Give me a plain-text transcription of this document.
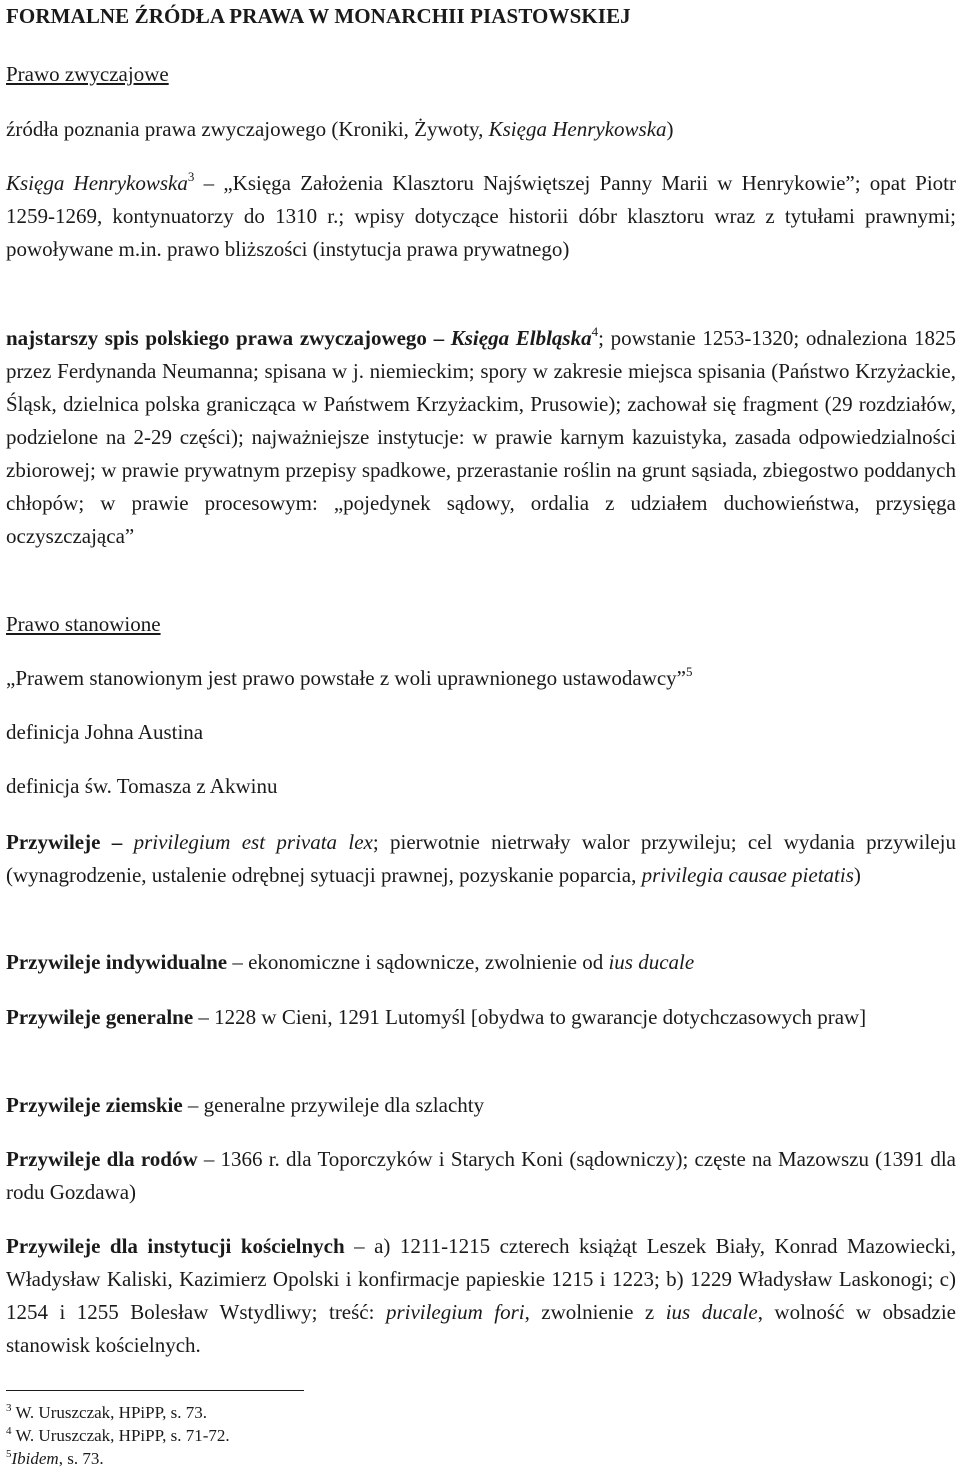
FORMALNE ŹRÓDŁA PRAWA W MONARCHII PIASTOWSKIEJ
Prawo zwyczajowe
źródła poznania prawa zwyczajowego (Kroniki, Żywoty, Księga Henrykowska)
Księga Henrykowska$^3$ – „Księga Założenia Klasztoru Najświętszej Panny Marii w Henrykowie”; opat Piotr 1259-1269, kontynuatorzy do 1310 r.; wpisy dotyczące historii dóbr klasztoru wraz z tytułami prawnymi; powoływane m.in. prawo bliższości (instytucja prawa prywatnego)
najstarszy spis polskiego prawa zwyczajowego – Księga Elbląska$^4$; powstanie 1253-1320; odnaleziona 1825 przez Ferdynanda Neumanna; spisana w j. niemieckim; spory w zakresie miejsca spisania (Państwo Krzyżackie, Śląsk, dzielnica polska granicząca w Państwem Krzyżackim, Prusowie); zachował się fragment (29 rozdziałów, podzielone na 2-29 części); najważniejsze instytucje: w prawie karnym kazuistyka, zasada odpowiedzialności zbiorowej; w prawie prywatnym przepisy spadkowe, przerastanie roślin na grunt sąsiada, zbiegostwo poddanych chłopów; w prawie procesowym: „pojedynek sądowy, ordalia z udziałem duchowieństwa, przysięga oczyszczająca”
Prawo stanowione
„Prawem stanowionym jest prawo powstałe z woli uprawnionego ustawodawcy”$^5$
definicja Johna Austina
definicja św. Tomasza z Akwinu
Przywileje – privilegium est privata lex; pierwotnie nietrwały walor przywileju; cel wydania przywileju (wynagrodzenie, ustalenie odrębnej sytuacji prawnej, pozyskanie poparcia, privilegia causae pietatis)
Przywileje indywidualne – ekonomiczne i sądownicze, zwolnienie od ius ducale
Przywileje generalne – 1228 w Cieni, 1291 Lutomyśl [obydwa to gwarancje dotychczasowych praw]
Przywileje ziemskie – generalne przywileje dla szlachty
Przywileje dla rodów – 1366 r. dla Toporczyków i Starych Koni (sądowniczy); częste na Mazowszu (1391 dla rodu Gozdawa)
Przywileje dla instytucji kościelnych – a) 1211-1215 czterech książąt Leszek Biały, Konrad Mazowiecki, Władysław Kaliski, Kazimierz Opolski i konfirmacje papieskie 1215 i 1223; b) 1229 Władysław Laskonogi; c) 1254 i 1255 Bolesław Wstydliwy; treść: privilegium fori, zwolnienie z ius ducale, wolność w obsadzie stanowisk kościelnych.
$^3$ W. Uruszczak, HPiPP, s. 73.
$^4$ W. Uruszczak, HPiPP, s. 71-72.
$^5$Ibidem, s. 73.
